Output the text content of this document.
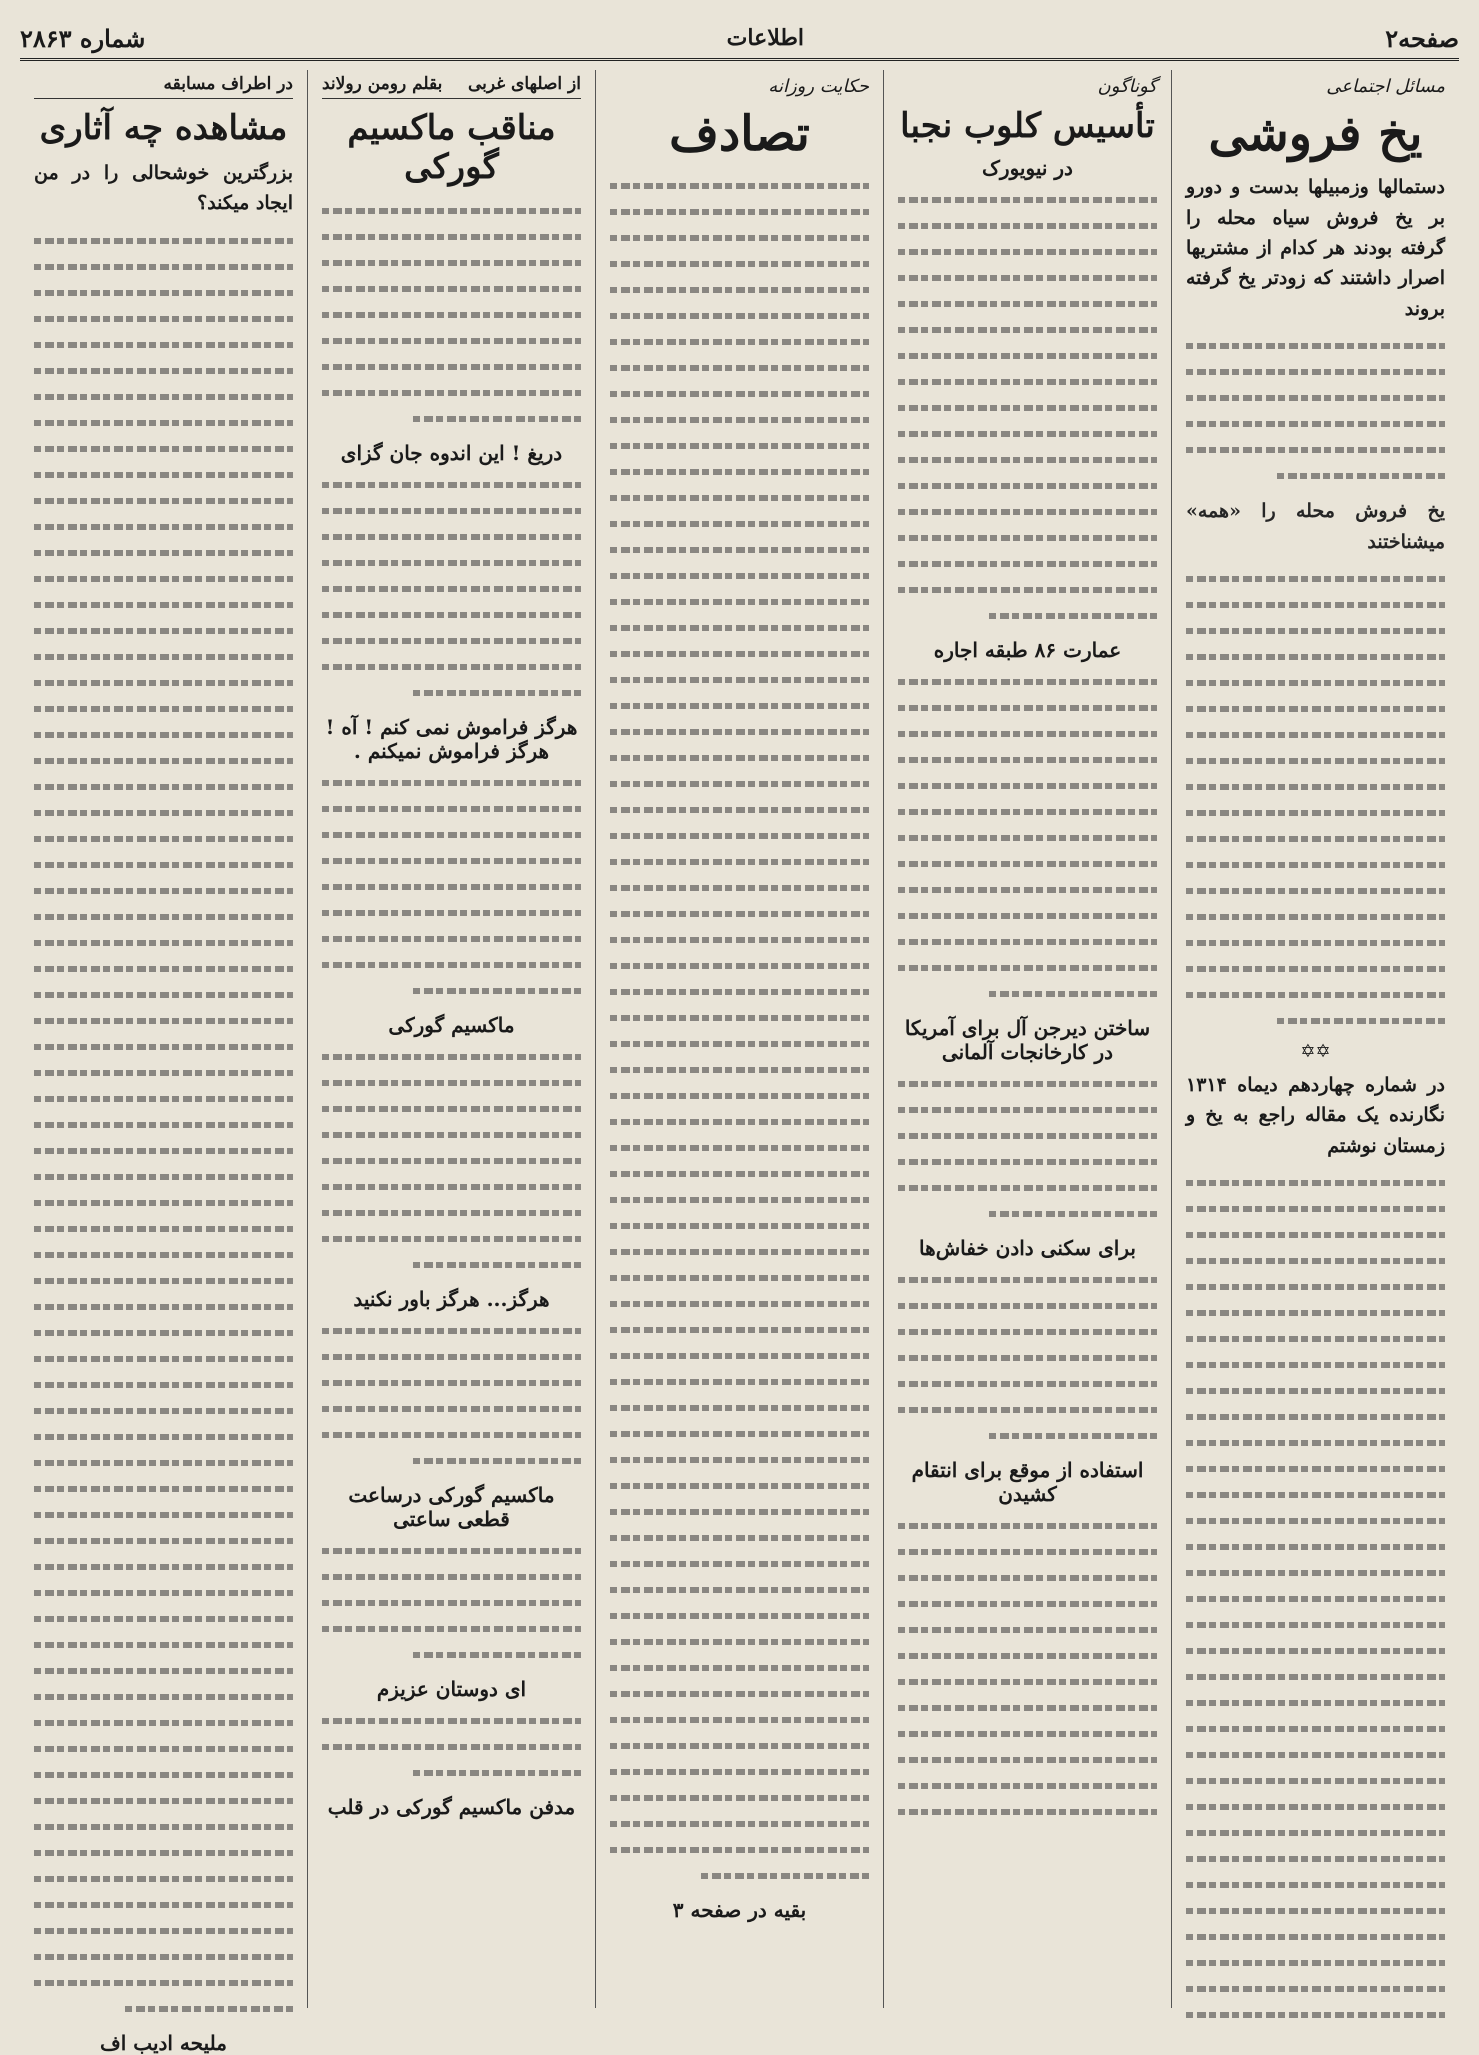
شماره ۲۸۶۳	اطلاعات	صفحه۲
مسائل اجتماعی
یخ فروشی
دستمالها وزمبیلها بدست و دورو بر یخ فروش سیاه محله را گرفته بودند هر کدام از مشتریها اصرار داشتند که زودتر یخ گرفته بروند
یخ فروش محله را «همه» میشناختند
✡✡
در شماره چهاردهم دیماه ۱۳۱۴ نگارنده یک مقاله راجع به یخ و زمستان نوشتم
گوناگون
تأسیس کلوب نجبا
در نیویورک
عمارت ۸۶ طبقه اجاره
ساختن دیرجن آل برای آمریکا در کارخانجات آلمانی
برای سکنی دادن خفاش‌ها
استفاده از موقع برای انتقام کشیدن
حکایت روزانه
تصادف
بقیه در صفحه ۳
بقلم رومن رولاند از اصلهای غربی
مناقب ماکسیم گورکی
دریغ ! این اندوه جان گزای
هرگز فراموش نمی کنم ! آه ! هرگز فراموش نمیکنم .
ماکسیم گورکی
هرگز... هرگز باور نکنید
ماکسیم گورکی درساعت قطعی ساعتی
ای دوستان عزیزم
مدفن ماکسیم گورکی در قلب
در اطراف مسابقه
مشاهده چه آثاری
بزرگترین خوشحالی را در من ایجاد میکند؟
ملیحه ادیب اف
